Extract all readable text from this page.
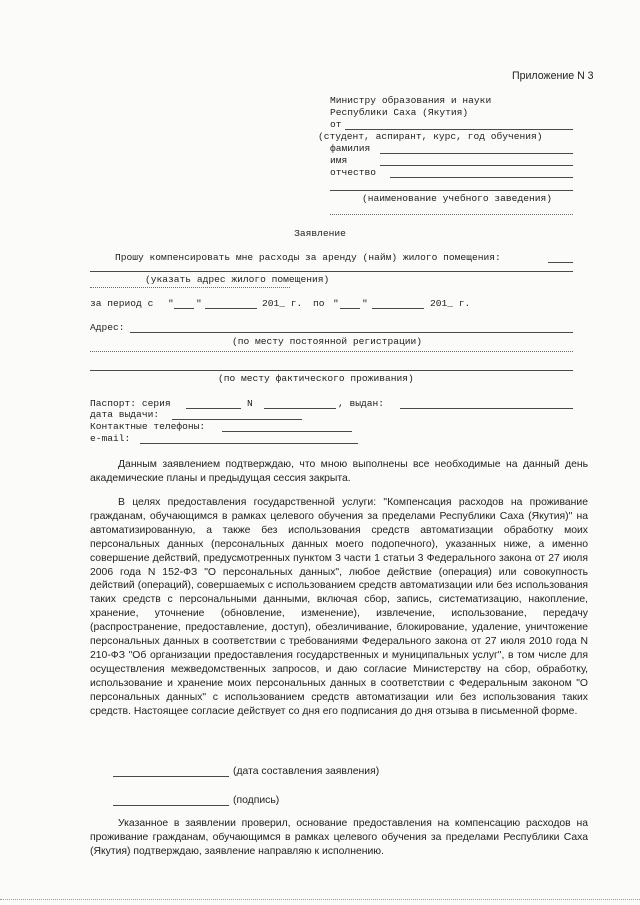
Приложение N 3
Министру образования и науки
Республики Саха (Якутия)
от
(студент, аспирант, курс, год обучения)
фамилия
имя
отчество
(наименование учебного заведения)
Заявление
Прошу компенсировать мне расходы за аренду (найм) жилого помещения:
(указать адрес жилого помещения)
за период с " "	201_ г. по " "	201_ г.
Адрес:
(по месту постоянной регистрации)
(по месту фактического проживания)
Паспорт: серия	N	, выдан:
дата выдачи:
Контактные телефоны:
e-mail:
Данным заявлением подтверждаю, что мною выполнены все необходимые на данный день академические планы и предыдущая сессия закрыта.
В целях предоставления государственной услуги: "Компенсация расходов на проживание гражданам, обучающимся в рамках целевого обучения за пределами Республики Саха (Якутия)" на автоматизированную, а также без использования средств автоматизации обработку моих персональных данных (персональных данных моего подопечного), указанных ниже, а именно совершение действий, предусмотренных пунктом 3 части 1 статьи 3 Федерального закона от 27 июля 2006 года N 152-ФЗ "О персональных данных", любое действие (операция) или совокупность действий (операций), совершаемых с использованием средств автоматизации или без использования таких средств с персональными данными, включая сбор, запись, систематизацию, накопление, хранение, уточнение (обновление, изменение), извлечение, использование, передачу (распространение, предоставление, доступ), обезличивание, блокирование, удаление, уничтожение персональных данных в соответствии с требованиями Федерального закона от 27 июля 2010 года N 210-ФЗ "Об организации предоставления государственных и муниципальных услуг", в том числе для осуществления межведомственных запросов, и даю согласие Министерству на сбор, обработку, использование и хранение моих персональных данных в соответствии с Федеральным законом "О персональных данных" с использованием средств автоматизации или без использования таких средств. Настоящее согласие действует со дня его подписания до дня отзыва в письменной форме.
(дата составления заявления)
(подпись)
Указанное в заявлении проверил, основание предоставления на компенсацию расходов на проживание гражданам, обучающимся в рамках целевого обучения за пределами Республики Саха (Якутия) подтверждаю, заявление направляю к исполнению.
